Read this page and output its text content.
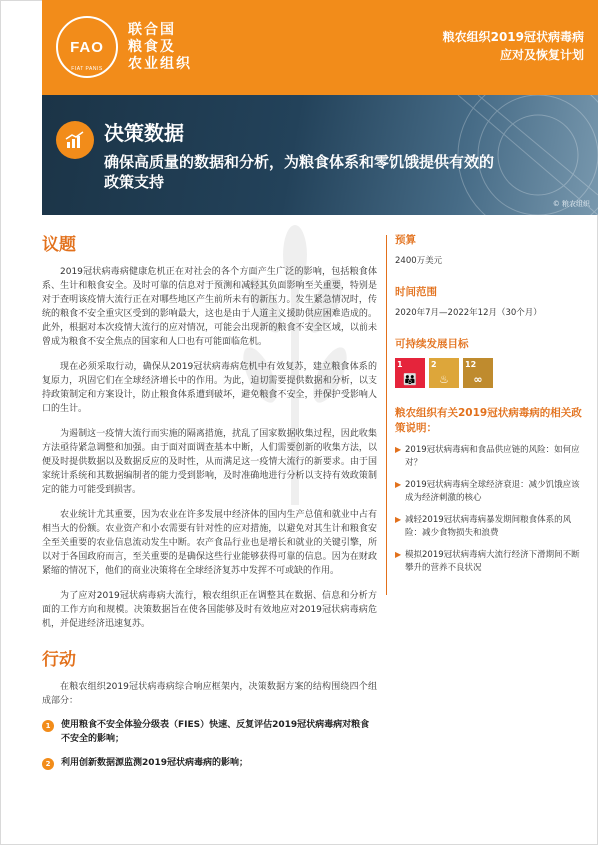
FAO
FIAT PANIS
联合国
粮食及
农业组织
粮农组织2019冠状病毒病
应对及恢复计划
决策数据
确保高质量的数据和分析，为粮食体系和零饥饿提供有效的政策支持
© 粮农组织
议题

2019冠状病毒病健康危机正在对社会的各个方面产生广泛的影响，包括粮食体系、生计和粮食安全。及时可靠的信息对于预测和减轻其负面影响至关重要，特别是对于查明该疫情大流行正在对哪些地区产生前所未有的新压力。发生紧急情况时，传统的粮食不安全重灾区受到的影响最大，这也是由于人道主义援助供应困难造成的。此外，根据对本次疫情大流行的应对情况，可能会出现新的粮食不安全区域，以前未曾成为粮食不安全焦点的国家和人口也有可能面临危机。

现在必须采取行动，确保从2019冠状病毒病危机中有效复苏，建立粮食体系的复原力，巩固它们在全球经济增长中的作用。为此，迫切需要提供数据和分析，以支持政策制定和方案设计，防止粮食体系遭到破坏，避免粮食不安全，并保护受影响人口的生计。

为遏制这一疫情大流行而实施的隔离措施，扰乱了国家数据收集过程，因此收集方法亟待紧急调整和加强。由于面对面调查基本中断，人们需要创新的收集方法，以便及时提供数据以及数据反应的及时性，从而满足这一疫情大流行的新要求。由于国家统计系统和其数据编制者的能力受到影响，及时准确地进行分析以支持有效政策制定的能力可能受到损害。

农业统计尤其重要，因为农业在许多发展中经济体的国内生产总值和就业中占有相当大的份额。农业资产和小农需要有针对性的应对措施，以避免对其生计和粮食安全至关重要的农业信息流动发生中断。农产食品行业也是增长和就业的关键引擎，所以对于各国政府而言，至关重要的是确保这些行业能够获得可靠的信息。因为在财政紧缩的情况下，他们的商业决策将在全球经济复苏中发挥不可或缺的作用。

为了应对2019冠状病毒病大流行，粮农组织正在调整其在数据、信息和分析方面的工作方向和规模。决策数据旨在使各国能够及时有效地应对2019冠状病毒病危机，并促进经济迅速复苏。

行动

在粮农组织2019冠状病毒病综合响应框架内，决策数据方案的结构围绕四个组成部分：

1	使用粮食不安全体验分级表（FIES）快速、反复评估2019冠状病毒病对粮食不安全的影响；
2	利用创新数据源监测2019冠状病毒病的影响；
预算
2400万美元
时间范围
2020年7月—2022年12月（30个月）
可持续发展目标
1
👪
2
♨
12
∞
粮农组织有关2019冠状病毒病的相关政策说明：
▶ 2019冠状病毒病和食品供应链的风险：如何应对？
▶ 2019冠状病毒病全球经济衰退：减少饥饿应该成为经济刺激的核心
▶ 减轻2019冠状病毒病暴发期间粮食体系的风险：减少食物损失和浪费
▶ 模拟2019冠状病毒病大流行经济下滑期间不断攀升的营养不良状况
